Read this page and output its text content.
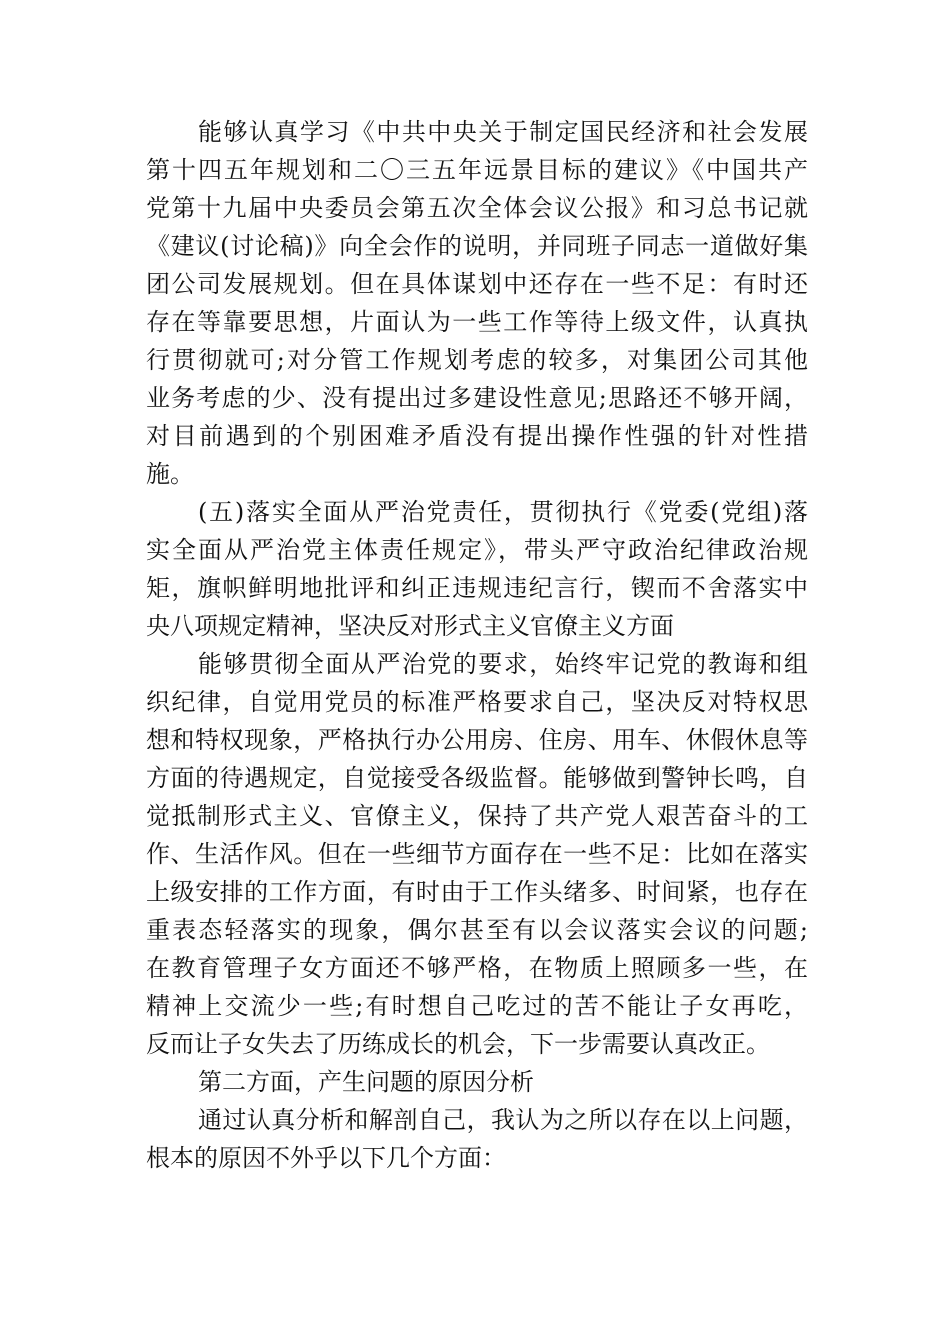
能够认真学习《中共中央关于制定国民经济和社会发展
第十四五年规划和二〇三五年远景目标的建议》《中国共产
党第十九届中央委员会第五次全体会议公报》和习总书记就
《建议(讨论稿)》向全会作的说明，并同班子同志一道做好集
团公司发展规划。但在具体谋划中还存在一些不足：有时还
存在等靠要思想，片面认为一些工作等待上级文件，认真执
行贯彻就可;对分管工作规划考虑的较多，对集团公司其他
业务考虑的少、没有提出过多建设性意见;思路还不够开阔，
对目前遇到的个别困难矛盾没有提出操作性强的针对性措
施。
(五)落实全面从严治党责任，贯彻执行《党委(党组)落
实全面从严治党主体责任规定》，带头严守政治纪律政治规
矩，旗帜鲜明地批评和纠正违规违纪言行，锲而不舍落实中
央八项规定精神，坚决反对形式主义官僚主义方面
能够贯彻全面从严治党的要求，始终牢记党的教诲和组
织纪律，自觉用党员的标准严格要求自己，坚决反对特权思
想和特权现象，严格执行办公用房、住房、用车、休假休息等
方面的待遇规定，自觉接受各级监督。能够做到警钟长鸣，自
觉抵制形式主义、官僚主义，保持了共产党人艰苦奋斗的工
作、生活作风。但在一些细节方面存在一些不足：比如在落实
上级安排的工作方面，有时由于工作头绪多、时间紧，也存在
重表态轻落实的现象，偶尔甚至有以会议落实会议的问题;
在教育管理子女方面还不够严格，在物质上照顾多一些，在
精神上交流少一些;有时想自己吃过的苦不能让子女再吃，
反而让子女失去了历练成长的机会，下一步需要认真改正。
第二方面，产生问题的原因分析
通过认真分析和解剖自己，我认为之所以存在以上问题，
根本的原因不外乎以下几个方面：
